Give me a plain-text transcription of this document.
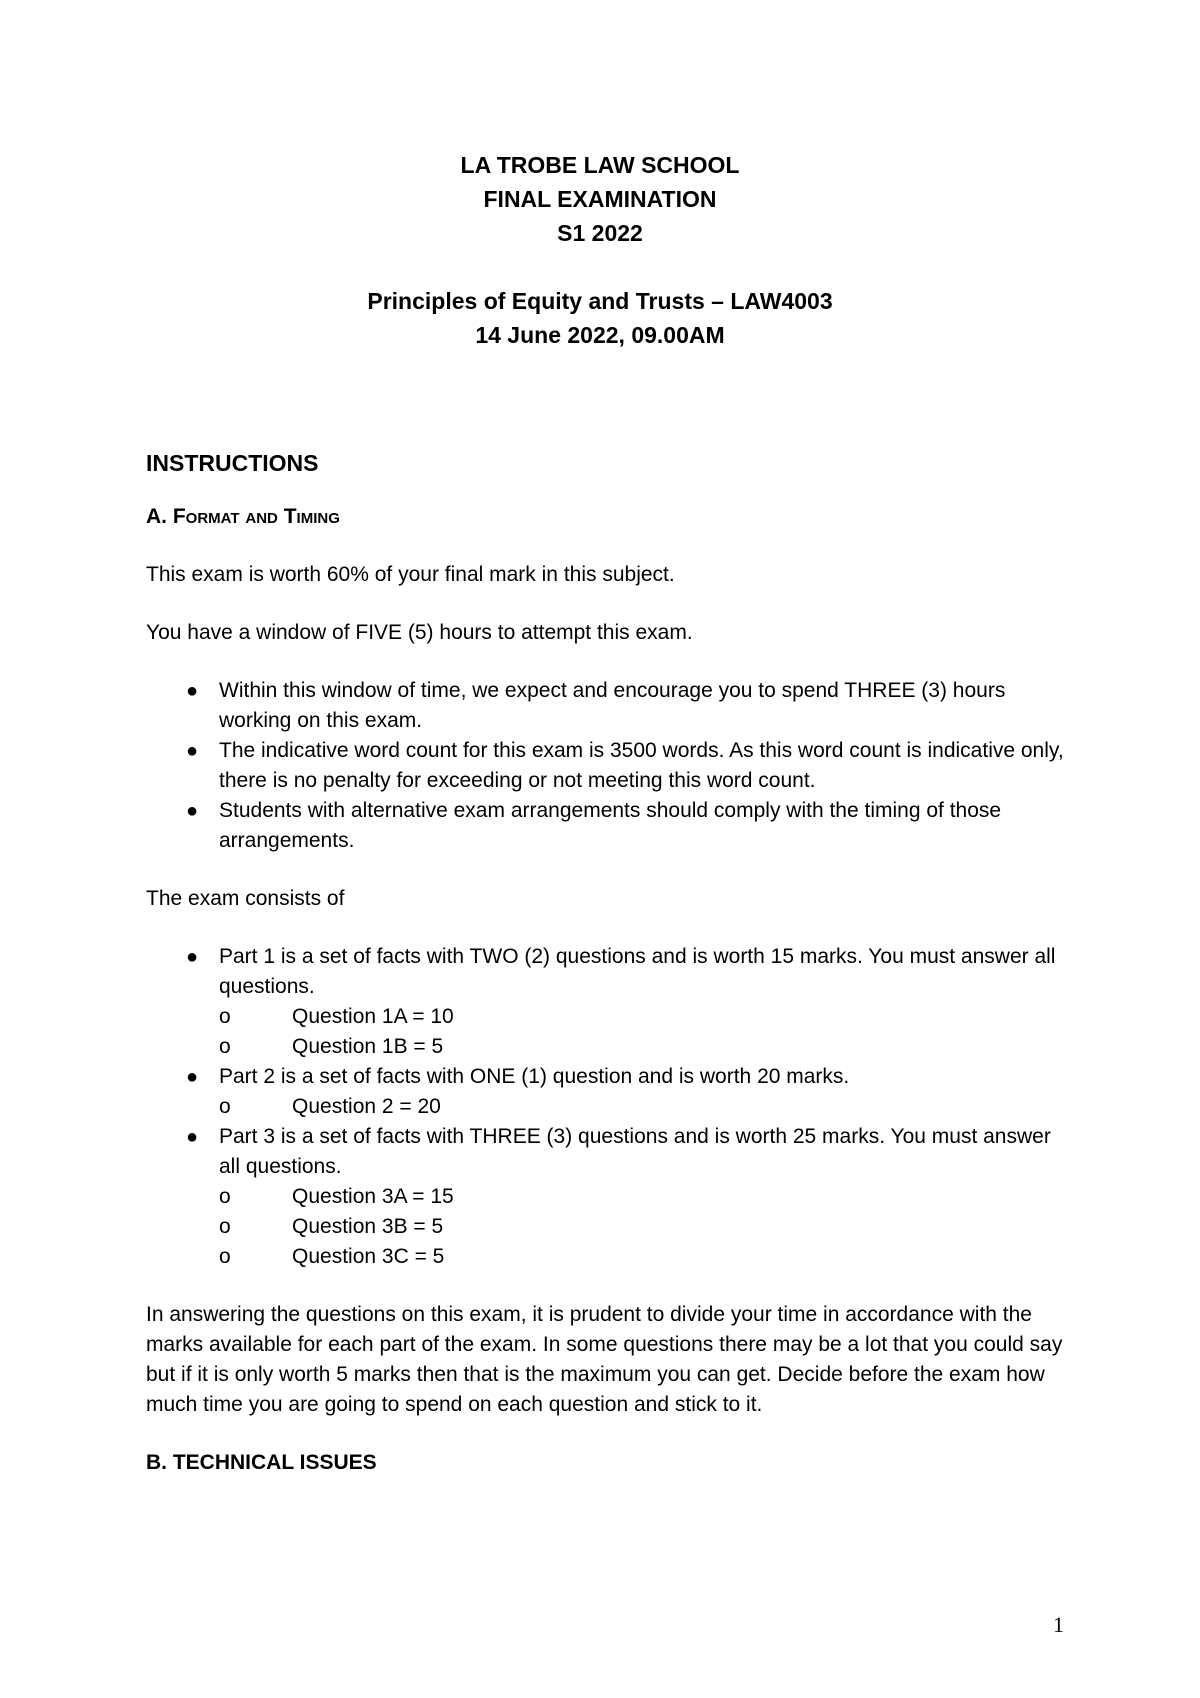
LA TROBE LAW SCHOOL
FINAL EXAMINATION
S1 2022
Principles of Equity and Trusts – LAW4003
14 June 2022, 09.00AM
INSTRUCTIONS
A. Format and Timing

This exam is worth 60% of your final mark in this subject.

You have a window of FIVE (5) hours to attempt this exam.

● Within this window of time, we expect and encourage you to spend THREE (3) hours working on this exam.
● The indicative word count for this exam is 3500 words. As this word count is indicative only, there is no penalty for exceeding or not meeting this word count.
● Students with alternative exam arrangements should comply with the timing of those arrangements.

The exam consists of

● Part 1 is a set of facts with TWO (2) questions and is worth 15 marks. You must answer all questions.
o	Question 1A = 10
o	Question 1B = 5
● Part 2 is a set of facts with ONE (1) question and is worth 20 marks.
o	Question 2 = 20
● Part 3 is a set of facts with THREE (3) questions and is worth 25 marks. You must answer all questions.
o	Question 3A = 15
o	Question 3B = 5
o	Question 3C = 5

In answering the questions on this exam, it is prudent to divide your time in accordance with the marks available for each part of the exam. In some questions there may be a lot that you could say but if it is only worth 5 marks then that is the maximum you can get. Decide before the exam how much time you are going to spend on each question and stick to it.

B. TECHNICAL ISSUES
1
